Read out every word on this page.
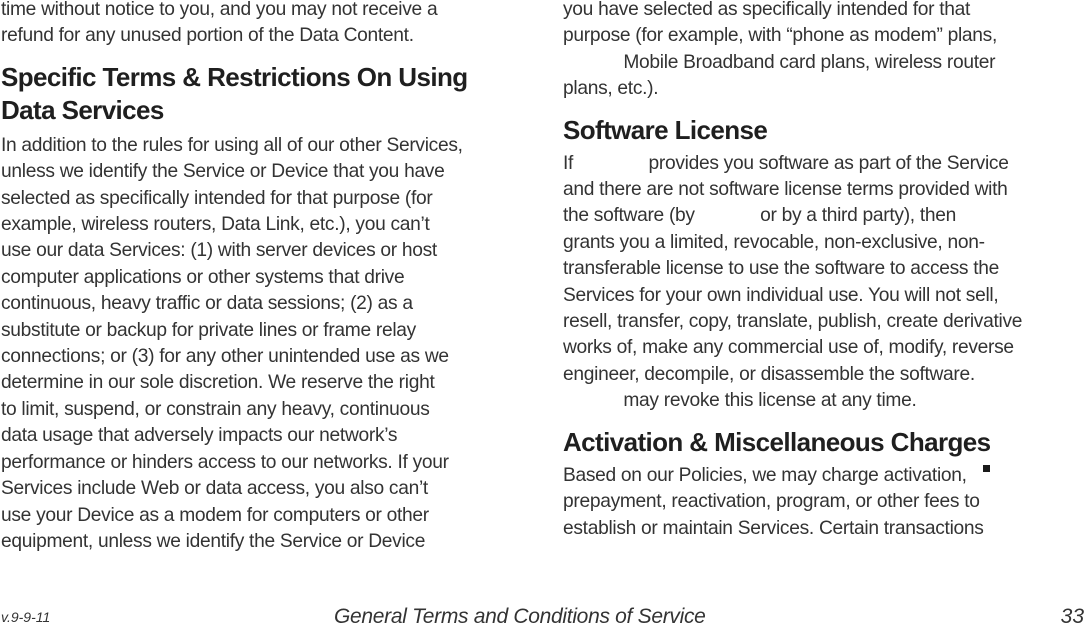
time without notice to you, and you may not receive a
refund for any unused portion of the Data Content.
Specific Terms & Restrictions On Using
Data Services
In addition to the rules for using all of our other Services,
unless we identify the Service or Device that you have
selected as specifically intended for that purpose (for
example, wireless routers, Data Link, etc.), you can’t
use our data Services: (1) with server devices or host
computer applications or other systems that drive
continuous, heavy traffic or data sessions; (2) as a
substitute or backup for private lines or frame relay
connections; or (3) for any other unintended use as we
determine in our sole discretion. We reserve the right
to limit, suspend, or constrain any heavy, continuous
data usage that adversely impacts our network’s
performance or hinders access to our networks. If your
Services include Web or data access, you also can’t
use your Device as a modem for computers or other
equipment, unless we identify the Service or Device
you have selected as specifically intended for that
purpose (for example, with “phone as modem” plans,
Mobile Broadband card plans, wireless router
plans, etc.).
Software License
If               provides you software as part of the Service
and there are not software license terms provided with
the software (by             or by a third party), then
grants you a limited, revocable, non-exclusive, non-
transferable license to use the software to access the
Services for your own individual use. You will not sell,
resell, transfer, copy, translate, publish, create derivative
works of, make any commercial use of, modify, reverse
engineer, decompile, or disassemble the software.
may revoke this license at any time.
Activation & Miscellaneous Charges
Based on our Policies, we may charge activation,
prepayment, reactivation, program, or other fees to
establish or maintain Services. Certain transactions
v.9-9-11	General Terms and Conditions of Service	33
